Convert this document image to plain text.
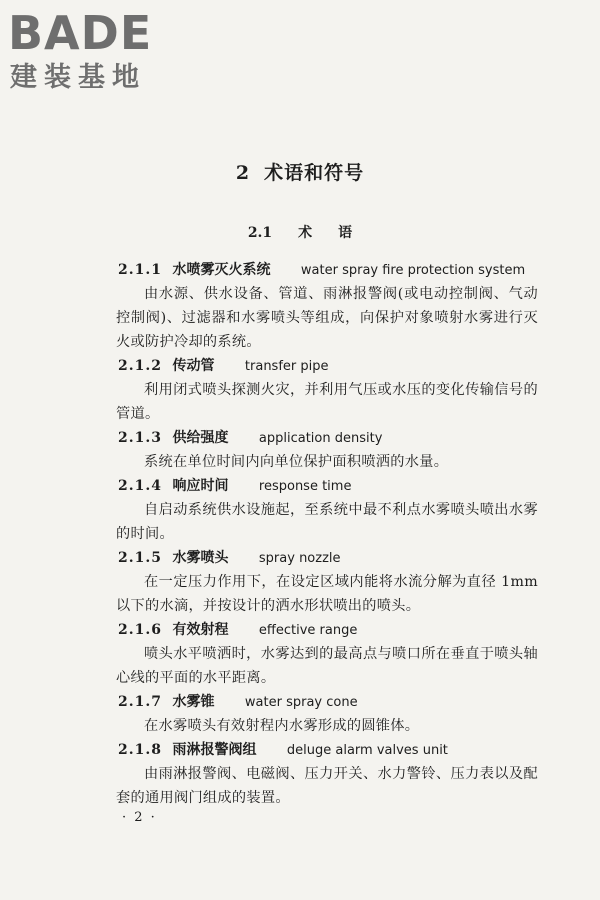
BADE
建装基地
2 术语和符号
2.1 术 语
2.1.1 水喷雾灭火系统 water spray fire protection system

由水源、供水设备、管道、雨淋报警阀(或电动控制阀、气动控制阀)、过滤器和水雾喷头等组成，向保护对象喷射水雾进行灭火或防护冷却的系统。

2.1.2 传动管 transfer pipe

利用闭式喷头探测火灾，并利用气压或水压的变化传输信号的管道。

2.1.3 供给强度 application density

系统在单位时间内向单位保护面积喷洒的水量。

2.1.4 响应时间 response time

自启动系统供水设施起，至系统中最不利点水雾喷头喷出水雾的时间。

2.1.5 水雾喷头 spray nozzle

在一定压力作用下，在设定区域内能将水流分解为直径 1mm 以下的水滴，并按设计的洒水形状喷出的喷头。

2.1.6 有效射程 effective range

喷头水平喷洒时，水雾达到的最高点与喷口所在垂直于喷头轴心线的平面的水平距离。

2.1.7 水雾锥 water spray cone

在水雾喷头有效射程内水雾形成的圆锥体。

2.1.8 雨淋报警阀组 deluge alarm valves unit

由雨淋报警阀、电磁阀、压力开关、水力警铃、压力表以及配套的通用阀门组成的装置。

· 2 ·
